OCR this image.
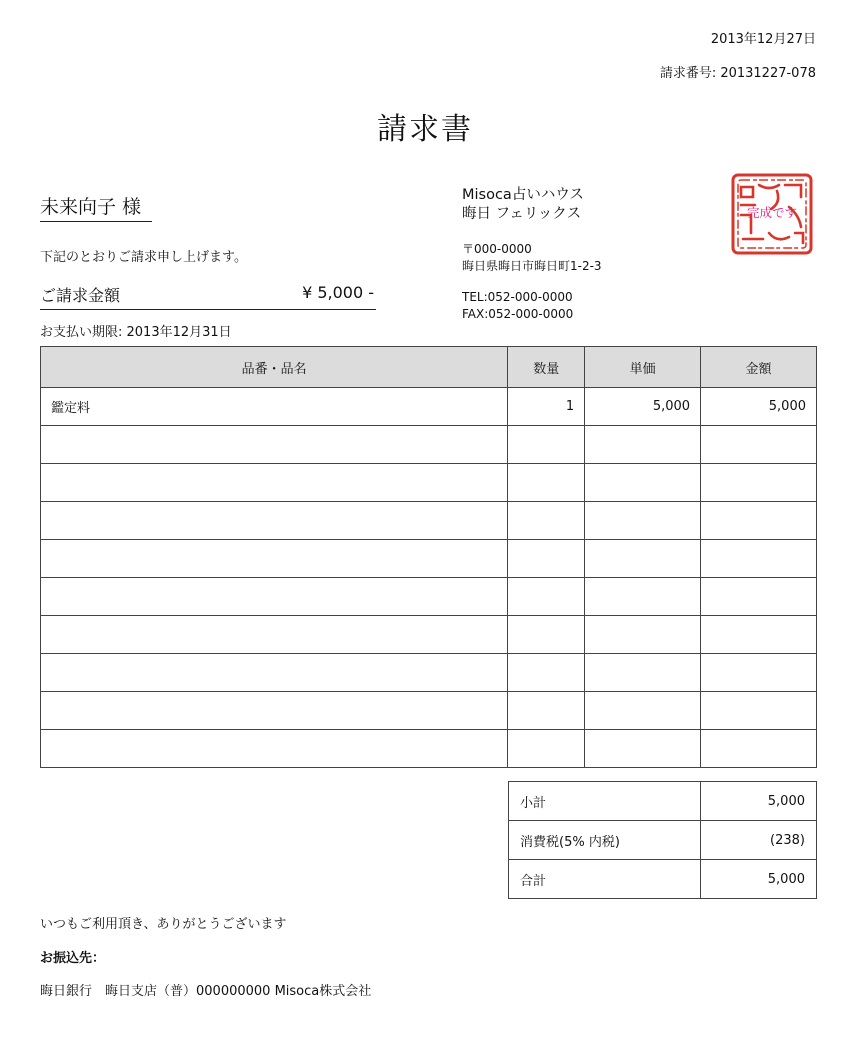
2013年12月27日
請求番号: 20131227-078
請求書
未来向子 様
下記のとおりご請求申し上げます。
ご請求金額	¥ 5,000 -
お支払い期限: 2013年12月31日
Misoca占いハウス
晦日 フェリックス
〒000-0000
晦日県晦日市晦日町1-2-3
TEL:052-000-0000
FAX:052-000-0000
完成です
品番・品名	数量	単価	金額
鑑定料	1	5,000	5,000

小計	5,000
消費税(5% 内税)	(238)
合計	5,000
いつもご利用頂き、ありがとうございます
お振込先：
晦日銀行　晦日支店（普）000000000 Misoca株式会社
